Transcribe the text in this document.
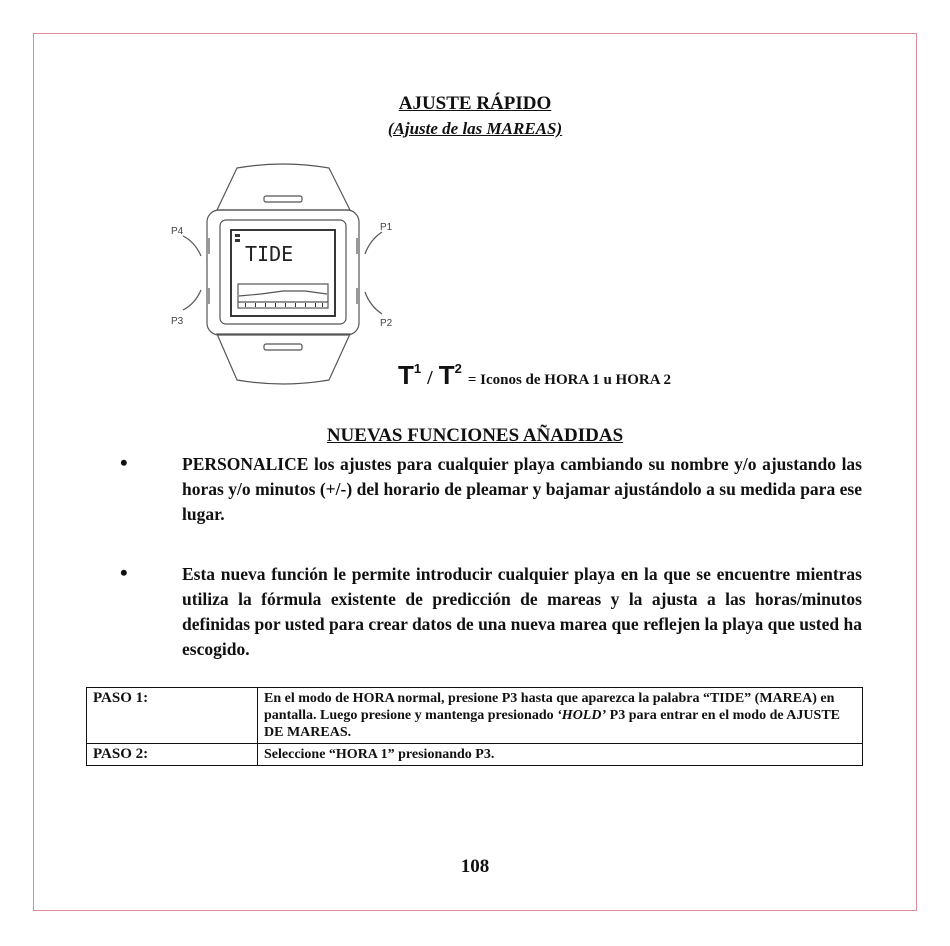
AJUSTE RÁPIDO
(Ajuste de las MAREAS)
TIDE
P4	P1
P3	P2
$T^1 / T^2=$ Iconos de HORA 1 u HORA 2
NUEVAS FUNCIONES AÑADIDAS
•	PERSONALICE los ajustes para cualquier playa cambiando su nombre y/o ajustando las horas y/o minutos (+/-) del horario de pleamar y bajamar ajustándolo a su medida para ese lugar.
•	Esta nueva función le permite introducir cualquier playa en la que se encuentre mientras utiliza la fórmula existente de predicción de mareas y la ajusta a las horas/minutos definidas por usted para crear datos de una nueva marea que reflejen la playa que usted ha escogido.
PASO 1:	En el modo de HORA normal, presione P3 hasta que aparezca la palabra “TIDE” (MAREA) en pantalla. Luego presione y mantenga presionado ‘HOLD’ P3 para entrar en el modo de AJUSTE DE MAREAS.
PASO 2:	Seleccione “HORA 1” presionando P3.
108
